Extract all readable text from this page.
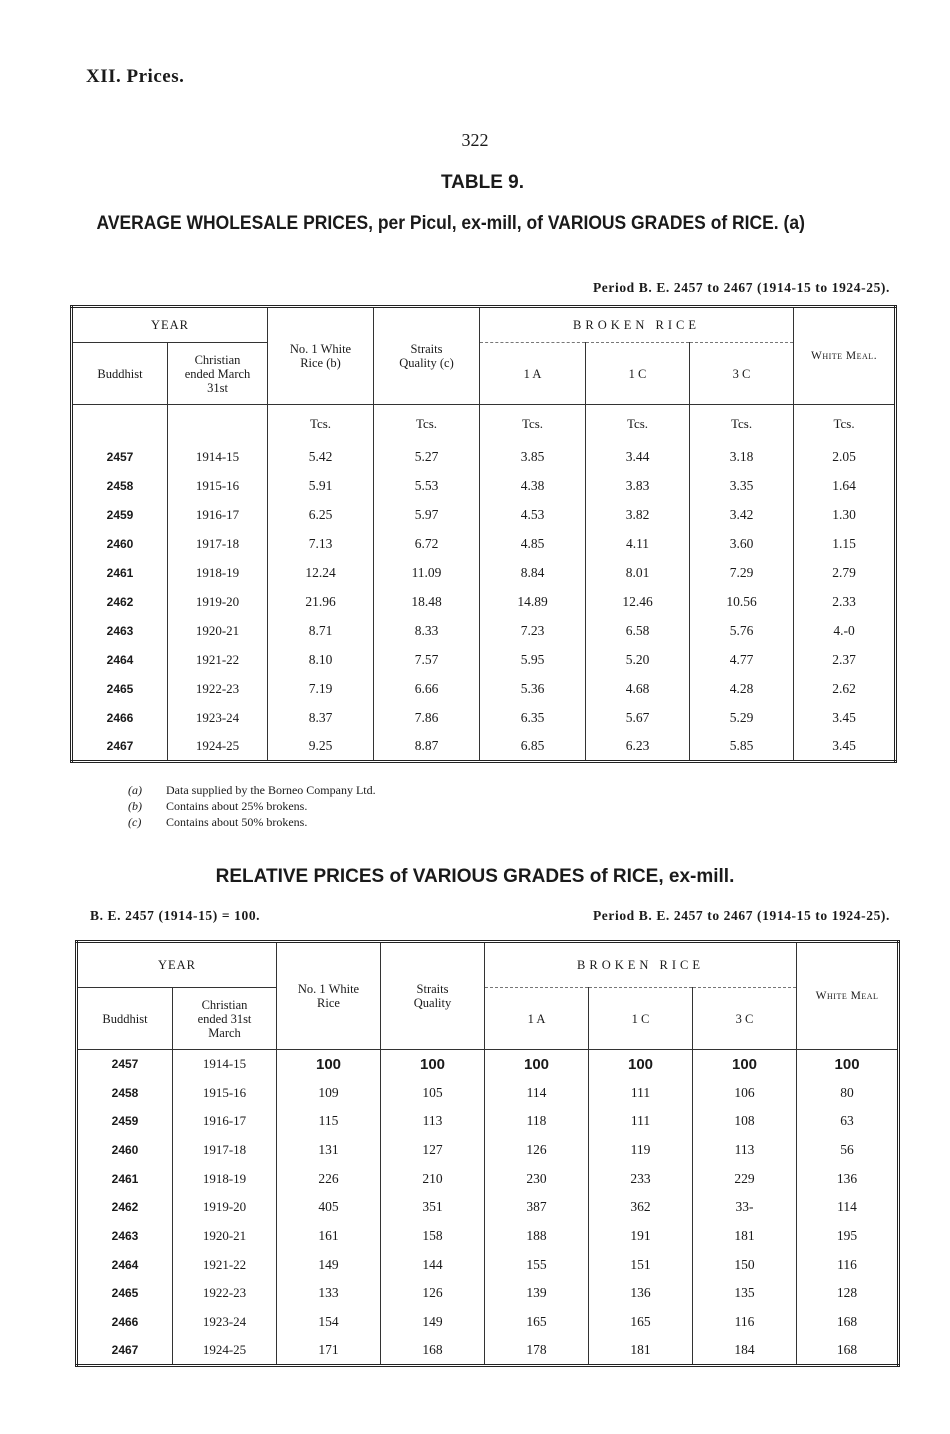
XII. Prices.
322
TABLE 9.
AVERAGE WHOLESALE PRICES, per Picul, ex-mill, of VARIOUS GRADES of RICE. (a)
Period B. E. 2457 to 2467 (1914-15 to 1924-25).
YEAR		No. 1 White Rice (b)	Straits Quality (c)	BROKEN RICE			White Meal.
Buddhist	Christian ended March 31st			1 A	1 C	3 C	
		Tcs.	Tcs.	Tcs.	Tcs.	Tcs.	Tcs.
2457	1914-15	5.42	5.27	3.85	3.44	3.18	2.05
2458	1915-16	5.91	5.53	4.38	3.83	3.35	1.64
2459	1916-17	6.25	5.97	4.53	3.82	3.42	1.30
2460	1917-18	7.13	6.72	4.85	4.11	3.60	1.15
2461	1918-19	12.24	11.09	8.84	8.01	7.29	2.79
2462	1919-20	21.96	18.48	14.89	12.46	10.56	2.33
2463	1920-21	8.71	8.33	7.23	6.58	5.76	4.-0
2464	1921-22	8.10	7.57	5.95	5.20	4.77	2.37
2465	1922-23	7.19	6.66	5.36	4.68	4.28	2.62
2466	1923-24	8.37	7.86	6.35	5.67	5.29	3.45
2467	1924-25	9.25	8.87	6.85	6.23	5.85	3.45
(a) Data supplied by the Borneo Company Ltd.
(b) Contains about 25% brokens.
(c) Contains about 50% brokens.
RELATIVE PRICES of VARIOUS GRADES of RICE, ex-mill.
B. E. 2457 (1914-15) = 100.	Period B. E. 2457 to 2467 (1914-15 to 1924-25).
YEAR		No. 1 White Rice	Straits Quality	BROKEN RICE			White Meal
Buddhist	Christian ended 31st March			1 A	1 C	3 C	
2457	1914-15	100	100	100	100	100	100
2458	1915-16	109	105	114	111	106	80
2459	1916-17	115	113	118	111	108	63
2460	1917-18	131	127	126	119	113	56
2461	1918-19	226	210	230	233	229	136
2462	1919-20	405	351	387	362	33-	114
2463	1920-21	161	158	188	191	181	195
2464	1921-22	149	144	155	151	150	116
2465	1922-23	133	126	139	136	135	128
2466	1923-24	154	149	165	165	116	168
2467	1924-25	171	168	178	181	184	168
